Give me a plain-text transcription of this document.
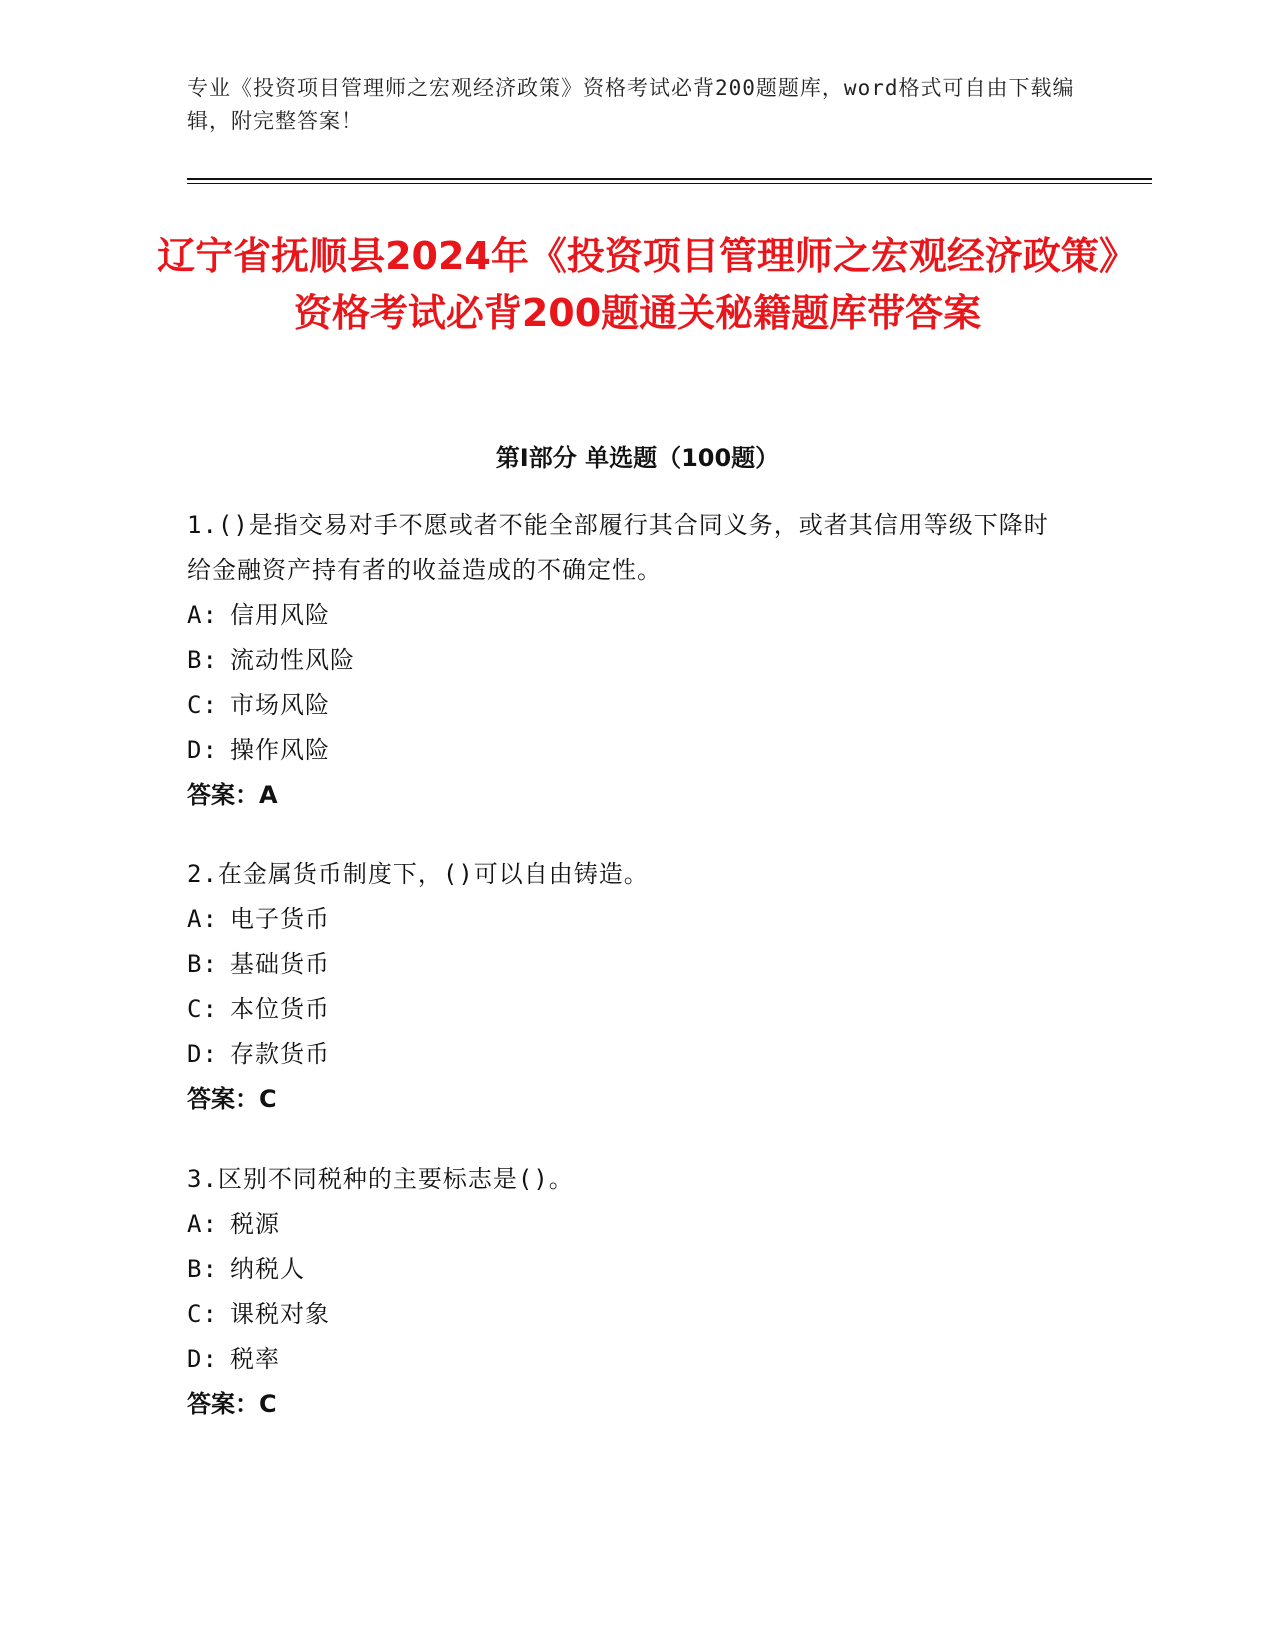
专业《投资项目管理师之宏观经济政策》资格考试必背200题题库，word格式可自由下载编辑，附完整答案！
辽宁省抚顺县2024年《投资项目管理师之宏观经济政策》资格考试必背200题通关秘籍题库带答案
第Ⅰ部分 单选题（100题）

1.()是指交易对手不愿或者不能全部履行其合同义务，或者其信用等级下降时给金融资产持有者的收益造成的不确定性。

A: 信用风险
B: 流动性风险
C: 市场风险
D: 操作风险
答案：A

2.在金属货币制度下，()可以自由铸造。

A: 电子货币
B: 基础货币
C: 本位货币
D: 存款货币
答案：C

3.区别不同税种的主要标志是()。

A: 税源
B: 纳税人
C: 课税对象
D: 税率
答案：C
